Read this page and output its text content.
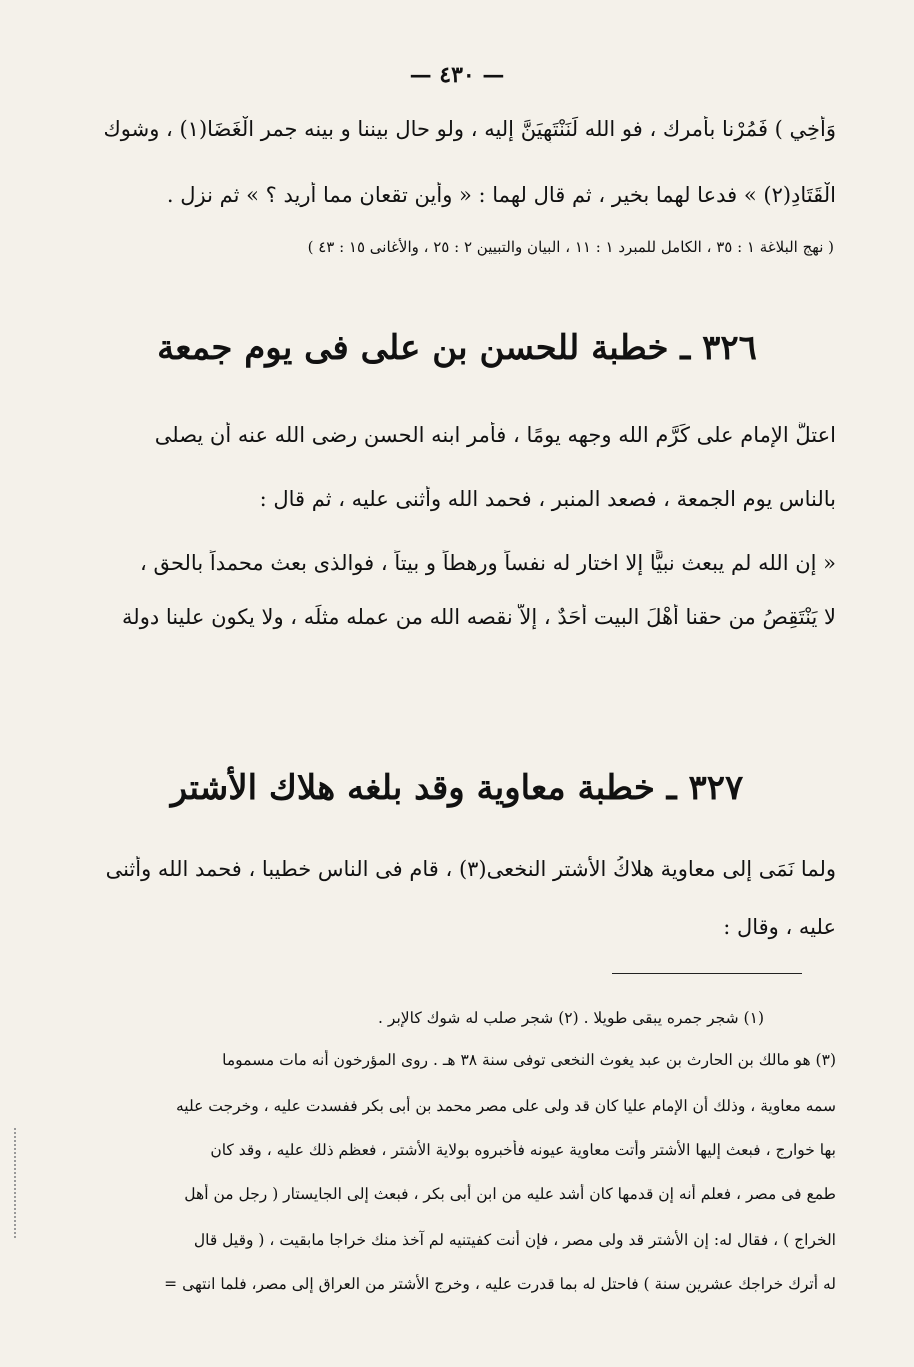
— ٤٣٠ —
وَأَخِي ) فَمُرْنا بأمرك ، فو الله لَنَنْتَهِيَنَّ إليه ، ولو حال بيننا و بينه جمر الْغَضَا(١) ، وشوك
الْقَتَادِ(٢) » فدعا لهما بخير ، ثم قال لهما : « وأين تقعان مما أريد ؟ » ثم نزل .
( نهج البلاغة ١ : ٣٥ ، الكامل للمبرد ١ : ١١ ، البيان والتبيين ٢ : ٢٥ ، والأغانى ١٥ : ٤٣ )
٣٢٦ ـ خطبة للحسن بن على فى يوم جمعة
اعتلَّ الإمام على كَرَّم الله وجهه يومًا ، فأمر ابنه الحسن رضى الله عنه أن يصلى
بالناس يوم الجمعة ، فصعد المنبر ، فحمد الله وأثنى عليه ، ثم قال :
« إن الله لم يبعث نبيًّا إلا اختار له نفساً ورهطاً و بيتاً ، فوالذى بعث محمداً بالحق ،
لا يَنْتَقِصُ من حقنا أَهْلَ البيت أحَدٌ ، إلاَّ نقصه الله من عمله مثلَه ، ولا يكون علينا دولة
٣٢٧ ـ خطبة معاوية وقد بلغه هلاك الأشتر
ولما نَمَى إلى معاوية هلاكُ الأشتر النخعى(٣) ، قام فى الناس خطيبا ، فحمد الله وأثنى
عليه ، وقال :
(١) شجر جمره يبقى طويلا . (٢) شجر صلب له شوك كالإبر .
(٣) هو مالك بن الحارث بن عبد يغوث النخعى توفى سنة ٣٨ هـ . روى المؤرخون أنه مات مسموما
سمه معاوية ، وذلك أن الإمام عليا كان قد ولى على مصر محمد بن أبى بكر ففسدت عليه ، وخرجت عليه
بها خوارج ، فبعث إليها الأشتر وأتت معاوية عيونه فأخبروه بولاية الأشتر ، فعظم ذلك عليه ، وقد كان
طمع فى مصر ، فعلم أنه إن قدمها كان أشد عليه من ابن أبى بكر ، فبعث إلى الجايستار ( رجل من أهل
الخراج ) ، فقال له: إن الأشتر قد ولى مصر ، فإن أنت كفيتنيه لم آخذ منك خراجا مابقيت ، ( وقيل قال
له أترك خراجك عشرين سنة ) فاحتل له بما قدرت عليه ، وخرج الأشتر من العراق إلى مصر، فلما انتهى =
